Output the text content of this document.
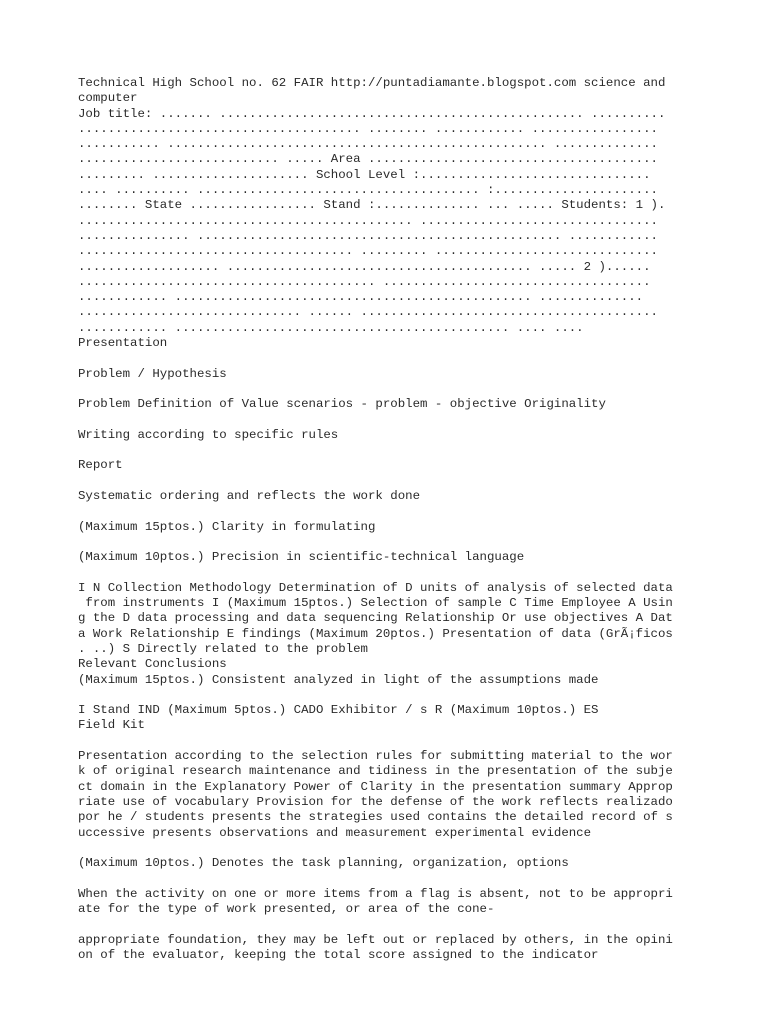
Technical High School no. 62 FAIR http://puntadiamante.blogspot.com science and
computer
Job title: ....... ................................................. ..........
...................................... ........ ............ .................
........... ................................................... ..............
........................... ..... Area .......................................
......... ..................... School Level :...............................
.... .......... ...................................... :......................
........ State ................. Stand :.............. ... ..... Students: 1 ).
............................................. ................................
............... ................................................. ............
..................................... ......... ..............................
................... ......................................... ..... 2 )......
........................................ ....................................
............ ................................................ ..............
.............................. ...... ........................................
............ ............................................. .... ....
Presentation
Problem / Hypothesis
Problem Definition of Value scenarios - problem - objective Originality
Writing according to specific rules
Report
Systematic ordering and reflects the work done
(Maximum 15ptos.) Clarity in formulating
(Maximum 10ptos.) Precision in scientific-technical language
I N Collection Methodology Determination of D units of analysis of selected data
from instruments I (Maximum 15ptos.) Selection of sample C Time Employee A Usin
g the D data processing and data sequencing Relationship Or use objectives A Dat
a Work Relationship E findings (Maximum 20ptos.) Presentation of data (GrÃ¡ficos
. ..) S Directly related to the problem
Relevant Conclusions
(Maximum 15ptos.) Consistent analyzed in light of the assumptions made
I Stand IND (Maximum 5ptos.) CADO Exhibitor / s R (Maximum 10ptos.) ES
Field Kit
Presentation according to the selection rules for submitting material to the wor
k of original research maintenance and tidiness in the presentation of the subje
ct domain in the Explanatory Power of Clarity in the presentation summary Approp
riate use of vocabulary Provision for the defense of the work reflects realizado
por he / students presents the strategies used contains the detailed record of s
uccessive presents observations and measurement experimental evidence
(Maximum 10ptos.) Denotes the task planning, organization, options
When the activity on one or more items from a flag is absent, not to be appropri
ate for the type of work presented, or area of the cone-
appropriate foundation, they may be left out or replaced by others, in the opini
on of the evaluator, keeping the total score assigned to the indicator
